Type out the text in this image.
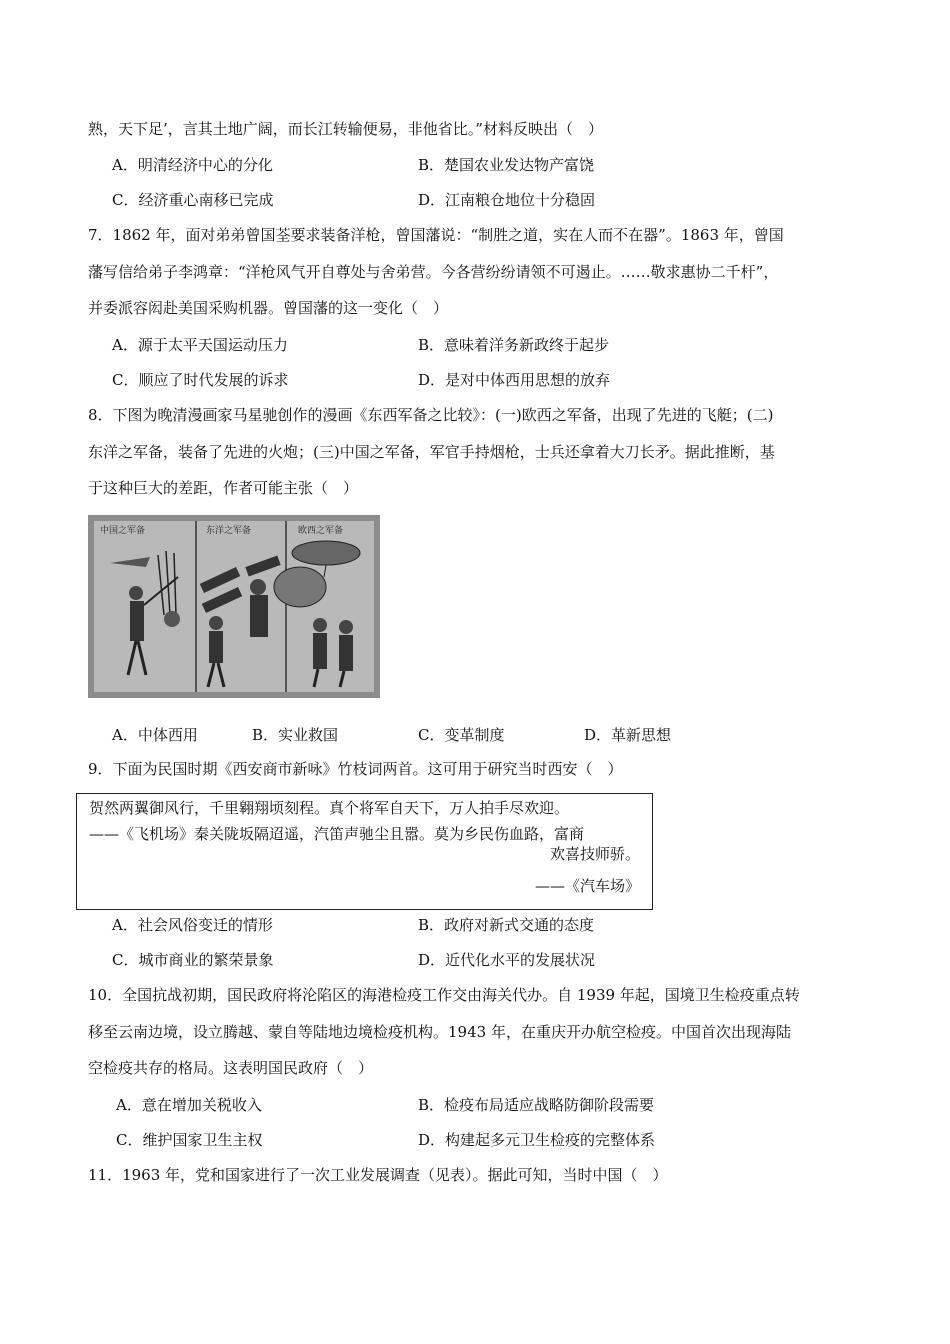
熟，天下足’，言其土地广阔，而长江转输便易，非他省比。”材料反映出（　）
A．明清经济中心的分化	B．楚国农业发达物产富饶
C．经济重心南移已完成	D．江南粮仓地位十分稳固
7．1862 年，面对弟弟曾国荃要求装备洋枪，曾国藩说：“制胜之道，实在人而不在器”。1863 年，曾国
藩写信给弟子李鸿章：“洋枪风气开自尊处与舍弟营。今各营纷纷请领不可遏止。……敬求惠协二千杆”，
并委派容闳赴美国采购机器。曾国藩的这一变化（　）
A．源于太平天国运动压力	B．意味着洋务新政终于起步
C．顺应了时代发展的诉求	D．是对中体西用思想的放弃
8．下图为晚清漫画家马星驰创作的漫画《东西军备之比较》：(一)欧西之军备，出现了先进的飞艇；(二)
东洋之军备，装备了先进的火炮；(三)中国之军备，军官手持烟枪，士兵还拿着大刀长矛。据此推断，基
于这种巨大的差距，作者可能主张（　）
中国之军备	东洋之军备	欧西之军备
A．中体西用	B．实业救国	C．变革制度	D．革新思想
9．下面为民国时期《西安商市新咏》竹枝词两首。这可用于研究当时西安（　）
贺然两翼御风行，千里翱翔顷刻程。真个将军自天下，万人拍手尽欢迎。
——《飞机场》秦关陇坂隔迢遥，汽笛声驰尘且嚣。莫为乡民伤血路，富商
欢喜技师骄。
——《汽车场》
A．社会风俗变迁的情形	B．政府对新式交通的态度
C．城市商业的繁荣景象	D．近代化水平的发展状况
10．全国抗战初期，国民政府将沦陷区的海港检疫工作交由海关代办。自 1939 年起，国境卫生检疫重点转
移至云南边境，设立腾越、蒙自等陆地边境检疫机构。1943 年，在重庆开办航空检疫。中国首次出现海陆
空检疫共存的格局。这表明国民政府（　）
A．意在增加关税收入	B．检疫布局适应战略防御阶段需要
C．维护国家卫生主权	D．构建起多元卫生检疫的完整体系
11．1963 年，党和国家进行了一次工业发展调查（见表）。据此可知，当时中国（　）
